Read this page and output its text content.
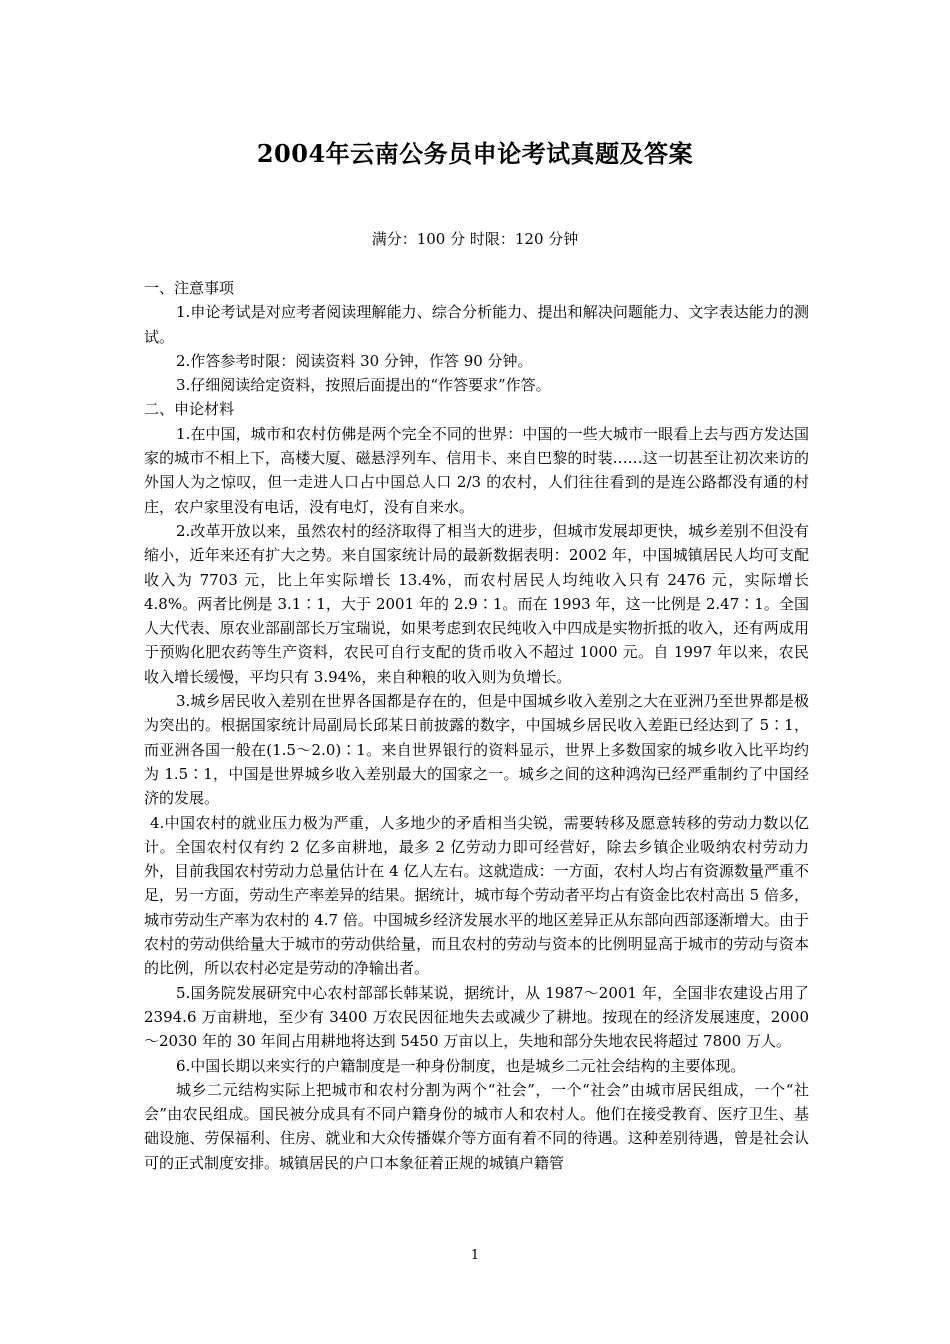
2004年云南公务员申论考试真题及答案
满分：100 分 时限：120 分钟

一、注意事项

1.申论考试是对应考者阅读理解能力、综合分析能力、提出和解决问题能力、文字表达能力的测试。

2.作答参考时限：阅读资料 30 分钟，作答 90 分钟。

3.仔细阅读给定资料，按照后面提出的“作答要求”作答。

二、申论材料

1.在中国，城市和农村仿佛是两个完全不同的世界：中国的一些大城市一眼看上去与西方发达国家的城市不相上下，高楼大厦、磁悬浮列车、信用卡、来自巴黎的时装……这一切甚至让初次来访的外国人为之惊叹，但一走进人口占中国总人口 2/3 的农村，人们往往看到的是连公路都没有通的村庄，农户家里没有电话，没有电灯，没有自来水。

2.改革开放以来，虽然农村的经济取得了相当大的进步，但城市发展却更快，城乡差别不但没有缩小，近年来还有扩大之势。来自国家统计局的最新数据表明：2002 年，中国城镇居民人均可支配收入为 7703 元，比上年实际增长 13.4%，而农村居民人均纯收入只有 2476 元，实际增长 4.8%。两者比例是 3.1∶1，大于 2001 年的 2.9∶1。而在 1993 年，这一比例是 2.47∶1。全国人大代表、原农业部副部长万宝瑞说，如果考虑到农民纯收入中四成是实物折抵的收入，还有两成用于预购化肥农药等生产资料，农民可自行支配的货币收入不超过 1000 元。自 1997 年以来，农民收入增长缓慢，平均只有 3.94%，来自种粮的收入则为负增长。

3.城乡居民收入差别在世界各国都是存在的，但是中国城乡收入差别之大在亚洲乃至世界都是极为突出的。根据国家统计局副局长邱某日前披露的数字，中国城乡居民收入差距已经达到了 5∶1，而亚洲各国一般在(1.5～2.0)∶1。来自世界银行的资料显示，世界上多数国家的城乡收入比平均约为 1.5∶1，中国是世界城乡收入差别最大的国家之一。城乡之间的这种鸿沟已经严重制约了中国经济的发展。

4.中国农村的就业压力极为严重，人多地少的矛盾相当尖锐，需要转移及愿意转移的劳动力数以亿计。全国农村仅有约 2 亿多亩耕地，最多 2 亿劳动力即可经营好，除去乡镇企业吸纳农村劳动力外，目前我国农村劳动力总量估计在 4 亿人左右。这就造成：一方面，农村人均占有资源数量严重不足，另一方面，劳动生产率差异的结果。据统计，城市每个劳动者平均占有资金比农村高出 5 倍多，城市劳动生产率为农村的 4.7 倍。中国城乡经济发展水平的地区差异正从东部向西部逐渐增大。由于农村的劳动供给量大于城市的劳动供给量，而且农村的劳动与资本的比例明显高于城市的劳动与资本的比例，所以农村必定是劳动的净输出者。

5.国务院发展研究中心农村部部长韩某说，据统计，从 1987～2001 年，全国非农建设占用了 2394.6 万亩耕地，至少有 3400 万农民因征地失去或减少了耕地。按现在的经济发展速度，2000～2030 年的 30 年间占用耕地将达到 5450 万亩以上，失地和部分失地农民将超过 7800 万人。

6.中国长期以来实行的户籍制度是一种身份制度，也是城乡二元社会结构的主要体现。

城乡二元结构实际上把城市和农村分割为两个“社会”，一个“社会”由城市居民组成，一个“社会”由农民组成。国民被分成具有不同户籍身份的城市人和农村人。他们在接受教育、医疗卫生、基础设施、劳保福利、住房、就业和大众传播媒介等方面有着不同的待遇。这种差别待遇，曾是社会认可的正式制度安排。城镇居民的户口本象征着正规的城镇户籍管

1
